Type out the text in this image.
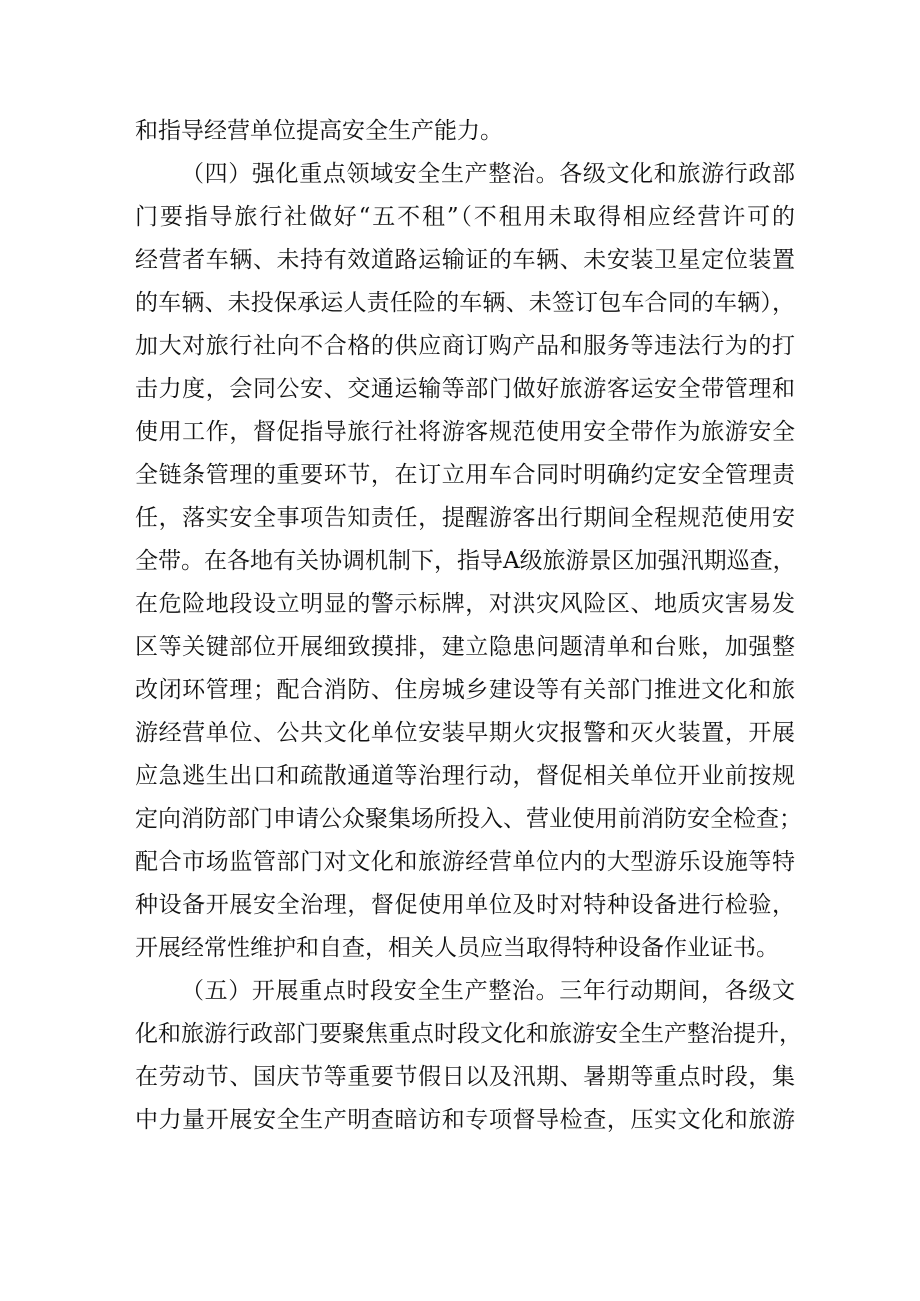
和指导经营单位提高安全生产能力。
（四）强化重点领域安全生产整治。各级文化和旅游行政部
门要指导旅行社做好“五不租”（不租用未取得相应经营许可的
经营者车辆、未持有效道路运输证的车辆、未安装卫星定位装置
的车辆、未投保承运人责任险的车辆、未签订包车合同的车辆），
加大对旅行社向不合格的供应商订购产品和服务等违法行为的打
击力度，会同公安、交通运输等部门做好旅游客运安全带管理和
使用工作，督促指导旅行社将游客规范使用安全带作为旅游安全
全链条管理的重要环节，在订立用车合同时明确约定安全管理责
任，落实安全事项告知责任，提醒游客出行期间全程规范使用安
全带。在各地有关协调机制下，指导A级旅游景区加强汛期巡查，
在危险地段设立明显的警示标牌，对洪灾风险区、地质灾害易发
区等关键部位开展细致摸排，建立隐患问题清单和台账，加强整
改闭环管理；配合消防、住房城乡建设等有关部门推进文化和旅
游经营单位、公共文化单位安装早期火灾报警和灭火装置，开展
应急逃生出口和疏散通道等治理行动，督促相关单位开业前按规
定向消防部门申请公众聚集场所投入、营业使用前消防安全检查；
配合市场监管部门对文化和旅游经营单位内的大型游乐设施等特
种设备开展安全治理，督促使用单位及时对特种设备进行检验，
开展经常性维护和自查，相关人员应当取得特种设备作业证书。
（五）开展重点时段安全生产整治。三年行动期间，各级文
化和旅游行政部门要聚焦重点时段文化和旅游安全生产整治提升，
在劳动节、国庆节等重要节假日以及汛期、暑期等重点时段，集
中力量开展安全生产明查暗访和专项督导检查，压实文化和旅游
